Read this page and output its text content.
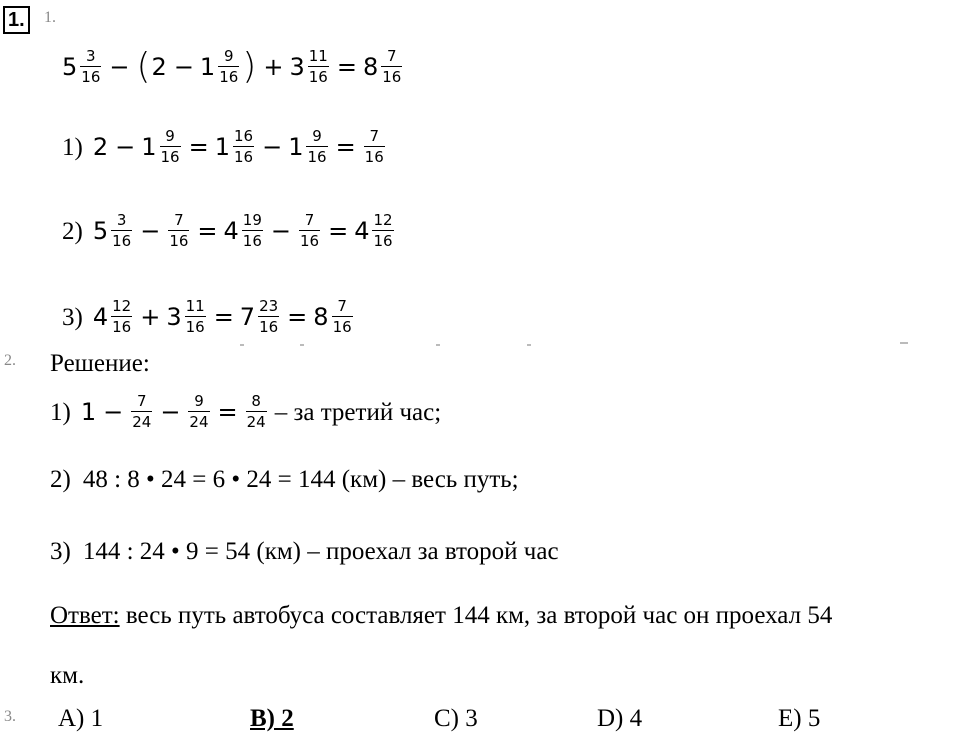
1.	1.
$5 \frac{3}{16}$ − ( $2 - 1 \frac{9}{16}$ ) + $3 \frac{11}{16} = 8 \frac{7}{16}$
1) $2 - 1 \frac{9}{16} = 1 \frac{16}{16} - 1 \frac{9}{16} = \frac{7}{16}$
2) $5 \frac{3}{16} - \frac{7}{16} = 4 \frac{19}{16} - \frac{7}{16} = 4 \frac{12}{16}$
3) $4 \frac{12}{16} + 3 \frac{11}{16} = 7 \frac{23}{16} = 8 \frac{7}{16}$
2. Решение:
1) $1 - \frac{7}{24} - \frac{9}{24} = \frac{8}{24}$ – за третий час;
2) 48 : 8 • 24 = 6 • 24 = 144 (км) – весь путь;
3) 144 : 24 • 9 = 54 (км) – проехал за второй час
Ответ: весь путь автобуса составляет 144 км, за второй час он проехал 54
км.
3. A) 1	B) 2	C) 3	D) 4	E) 5
